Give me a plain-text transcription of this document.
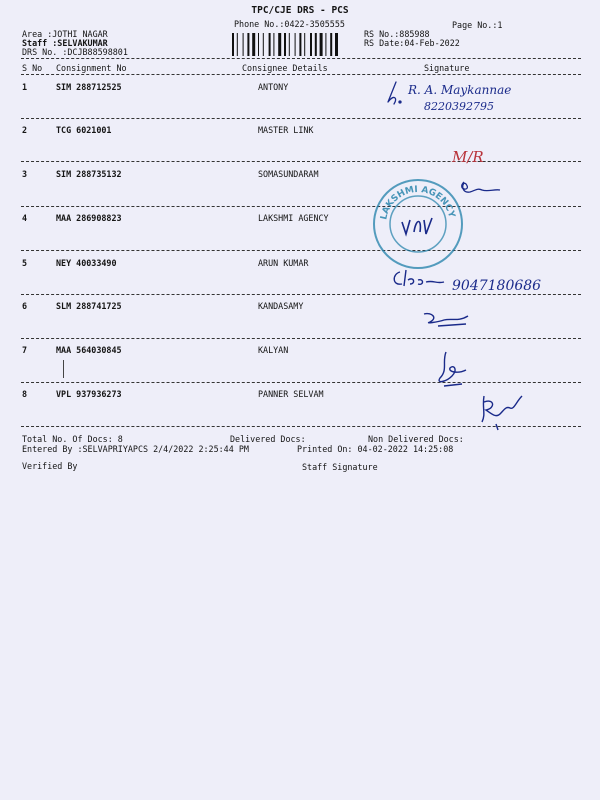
TPC/CJE DRS - PCS
Phone No.:0422-3505555	Page No.:1
Area :JOTHI NAGAR
Staff :SELVAKUMAR
DRS No. :DCJB88598801
RS No.:885988
RS Date:04-Feb-2022
S No Consignment No	Consignee Details	Signature
1	SIM 288712525	ANTONY
2	TCG 6021001	MASTER LINK
3	SIM 288735132	SOMASUNDARAM
4	MAA 286908823	LAKSHMI AGENCY
5	NEY 40033490	ARUN KUMAR
6	SLM 288741725	KANDASAMY
7	MAA 564030845	KALYAN
8	VPL 937936273	PANNER SELVAM
Total No. Of Docs: 8	Delivered Docs:	Non Delivered Docs:
Entered By :SELVAPRIYAPCS 2/4/2022 2:25:44 PM	Printed On: 04-02-2022 14:25:08
Verified By	Staff Signature
R. A. Maykannae
8220392795
M/R
LAKSHMI AGENCY
9047180686
